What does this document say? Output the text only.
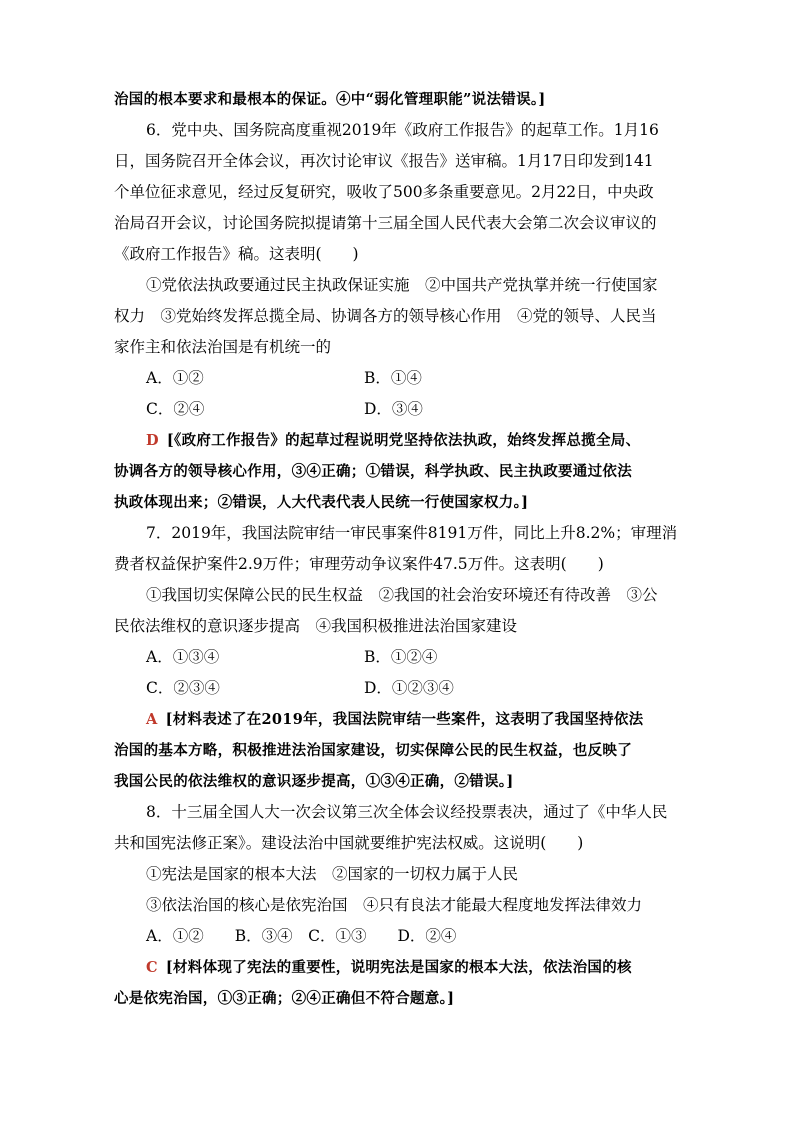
治国的根本要求和最根本的保证。④中“弱化管理职能”说法错误。]
6．党中央、国务院高度重视2019年《政府工作报告》的起草工作。1月16
日，国务院召开全体会议，再次讨论审议《报告》送审稿。1月17日印发到141
个单位征求意见，经过反复研究，吸收了500多条重要意见。2月22日，中央政
治局召开会议，讨论国务院拟提请第十三届全国人民代表大会第二次会议审议的
《政府工作报告》稿。这表明(　　)
①党依法执政要通过民主执政保证实施　②中国共产党执掌并统一行使国家
权力　③党始终发挥总揽全局、协调各方的领导核心作用　④党的领导、人民当
家作主和依法治国是有机统一的
A．①②	B．①④
C．②④	D．③④
D [《政府工作报告》的起草过程说明党坚持依法执政，始终发挥总揽全局、
协调各方的领导核心作用，③④正确；①错误，科学执政、民主执政要通过依法
执政体现出来；②错误，人大代表代表人民统一行使国家权力。]
7．2019年，我国法院审结一审民事案件8191万件，同比上升8.2%；审理消
费者权益保护案件2.9万件；审理劳动争议案件47.5万件。这表明(　　)
①我国切实保障公民的民生权益　②我国的社会治安环境还有待改善　③公
民依法维权的意识逐步提高　④我国积极推进法治国家建设
A．①③④	B．①②④
C．②③④	D．①②③④
A [材料表述了在2019年，我国法院审结一些案件，这表明了我国坚持依法
治国的基本方略，积极推进法治国家建设，切实保障公民的民生权益，也反映了
我国公民的依法维权的意识逐步提高，①③④正确，②错误。]
8．十三届全国人大一次会议第三次全体会议经投票表决，通过了《中华人民
共和国宪法修正案》。建设法治中国就要维护宪法权威。这说明(　　)
①宪法是国家的根本大法　②国家的一切权力属于人民
③依法治国的核心是依宪治国　④只有良法才能最大程度地发挥法律效力
A．①②　　B．③④　C．①③　　D．②④
C [材料体现了宪法的重要性，说明宪法是国家的根本大法，依法治国的核
心是依宪治国，①③正确；②④正确但不符合题意。]
